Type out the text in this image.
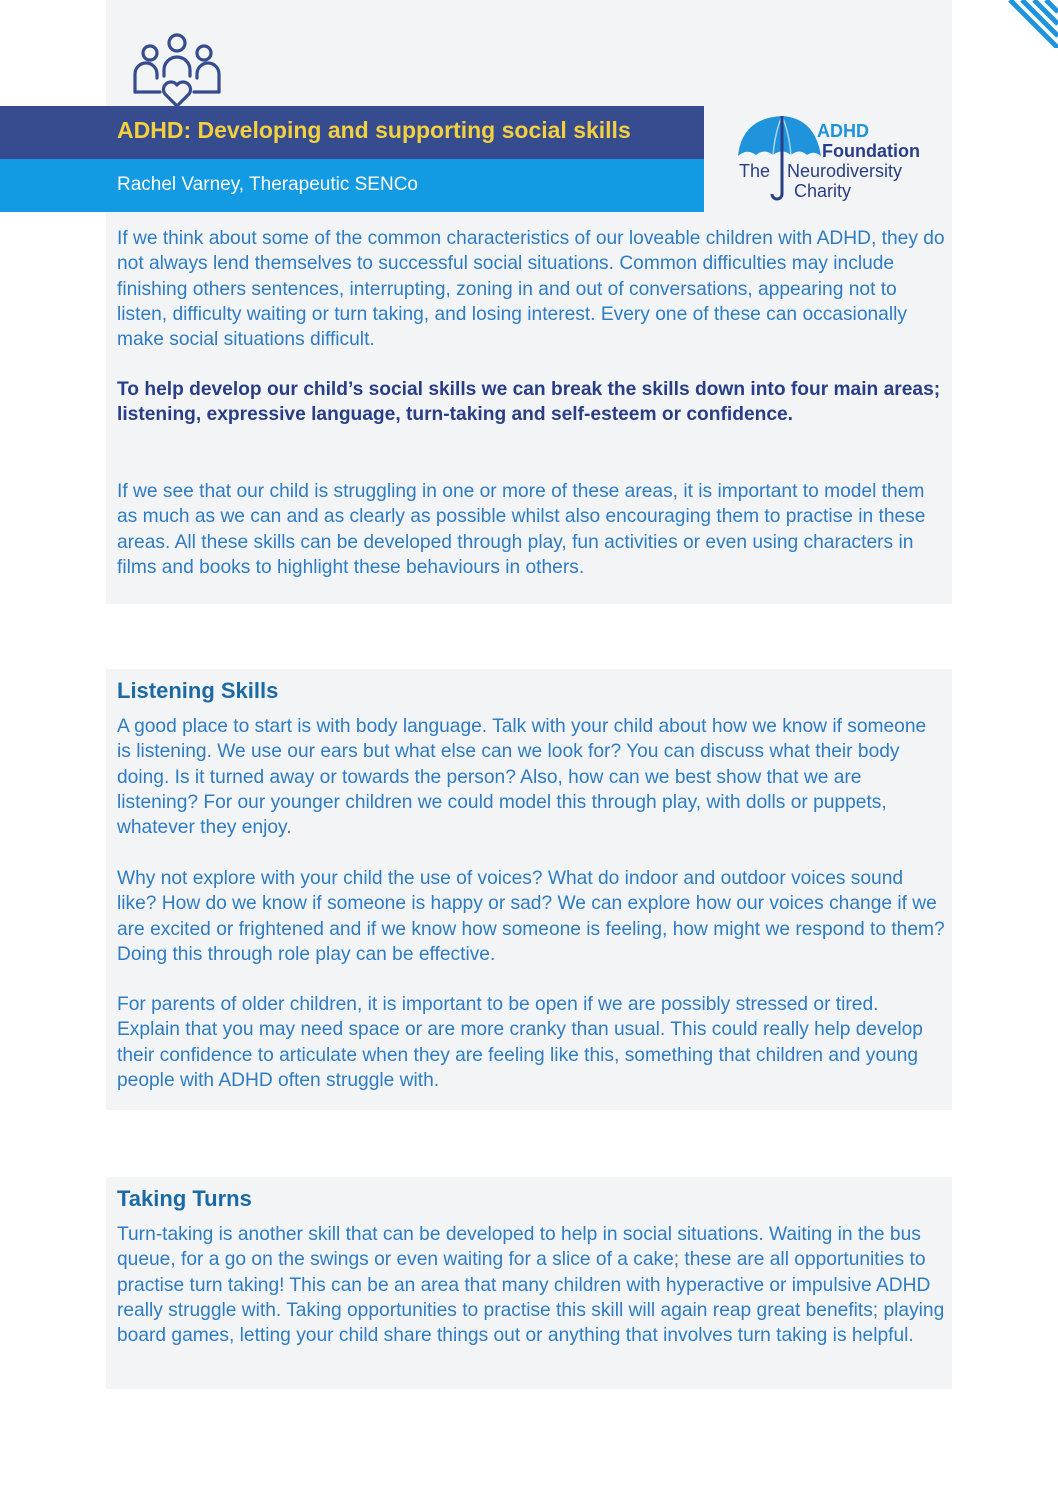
ADHD: Developing and supporting social skills
Rachel Varney, Therapeutic SENCo
ADHD
Foundation
The Neurodiversity
Charity

If we think about some of the common characteristics of our loveable children with ADHD, they do not always lend themselves to successful social situations. Common difficulties may include finishing others sentences, interrupting, zoning in and out of conversations, appearing not to listen, difficulty waiting or turn taking, and losing interest. Every one of these can occasionally make social situations difficult.

To help develop our child’s social skills we can break the skills down into four main areas; listening, expressive language, turn-taking and self-esteem or confidence.

If we see that our child is struggling in one or more of these areas, it is important to model them as much as we can and as clearly as possible whilst also encouraging them to practise in these areas. All these skills can be developed through play, fun activities or even using characters in films and books to highlight these behaviours in others.

Listening Skills

A good place to start is with body language. Talk with your child about how we know if someone is listening. We use our ears but what else can we look for? You can discuss what their body doing. Is it turned away or towards the person? Also, how can we best show that we are listening? For our younger children we could model this through play, with dolls or puppets, whatever they enjoy.

Why not explore with your child the use of voices? What do indoor and outdoor voices sound like? How do we know if someone is happy or sad? We can explore how our voices change if we are excited or frightened and if we know how someone is feeling, how might we respond to them? Doing this through role play can be effective.

For parents of older children, it is important to be open if we are possibly stressed or tired. Explain that you may need space or are more cranky than usual. This could really help develop their confidence to articulate when they are feeling like this, something that children and young people with ADHD often struggle with.

Taking Turns

Turn-taking is another skill that can be developed to help in social situations. Waiting in the bus queue, for a go on the swings or even waiting for a slice of a cake; these are all opportunities to practise turn taking! This can be an area that many children with hyperactive or impulsive ADHD really struggle with. Taking opportunities to practise this skill will again reap great benefits; playing board games, letting your child share things out or anything that involves turn taking is helpful.
